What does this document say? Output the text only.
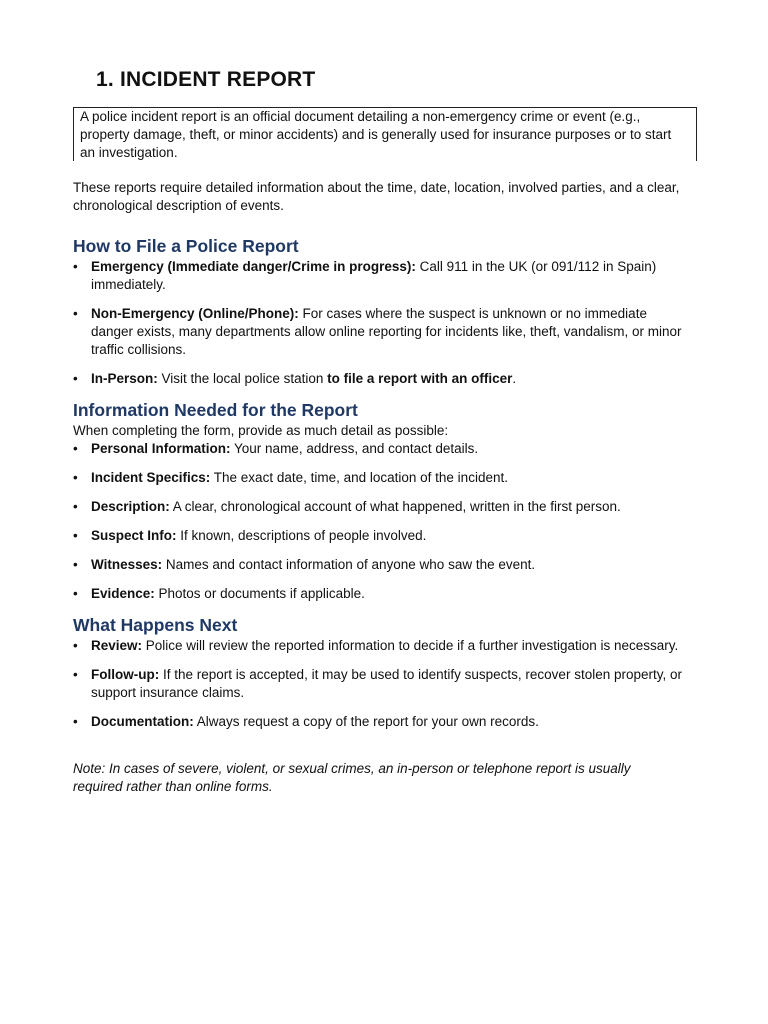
1. INCIDENT REPORT

A police incident report is an official document detailing a non-emergency crime or event (e.g., property damage, theft, or minor accidents) and is generally used for insurance purposes or to start an investigation.

These reports require detailed information about the time, date, location, involved parties, and a clear, chronological description of events.

How to File a Police Report
• Emergency (Immediate danger/Crime in progress): Call 911 in the UK (or 091/112 in Spain) immediately.
• Non-Emergency (Online/Phone): For cases where the suspect is unknown or no immediate danger exists, many departments allow online reporting for incidents like, theft, vandalism, or minor traffic collisions.
• In-Person: Visit the local police station to file a report with an officer.
Information Needed for the Report

When completing the form, provide as much detail as possible:

• Personal Information: Your name, address, and contact details.
• Incident Specifics: The exact date, time, and location of the incident.
• Description: A clear, chronological account of what happened, written in the first person.
• Suspect Info: If known, descriptions of people involved.
• Witnesses: Names and contact information of anyone who saw the event.
• Evidence: Photos or documents if applicable.
What Happens Next
• Review: Police will review the reported information to decide if a further investigation is necessary.
• Follow-up: If the report is accepted, it may be used to identify suspects, recover stolen property, or support insurance claims.
• Documentation: Always request a copy of the report for your own records.

Note: In cases of severe, violent, or sexual crimes, an in-person or telephone report is usually required rather than online forms.
